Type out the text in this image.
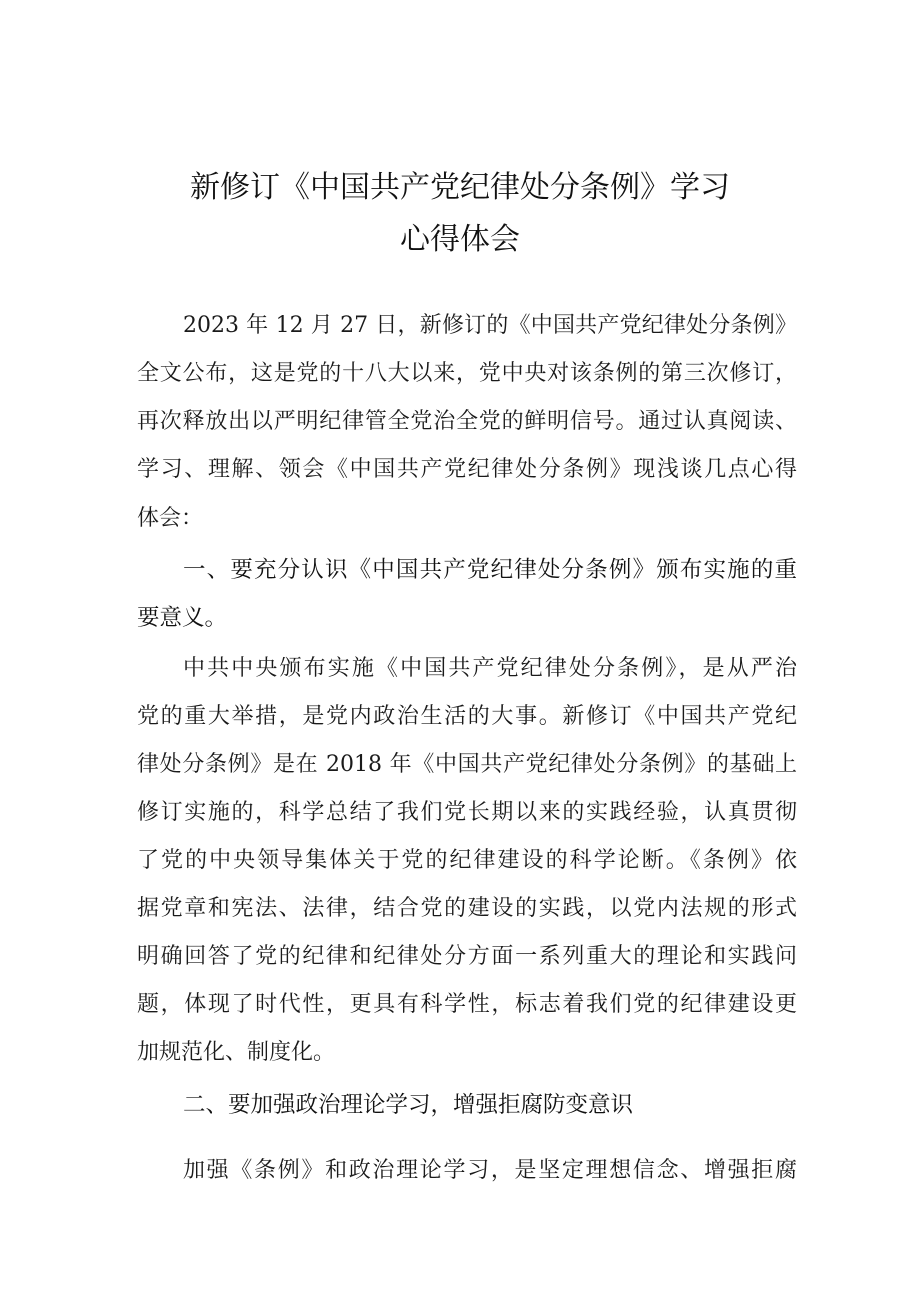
新修订《中国共产党纪律处分条例》学习
心得体会
2023 年 12 月 27 日，新修订的《中国共产党纪律处分条例》
全文公布，这是党的十八大以来，党中央对该条例的第三次修订，
再次释放出以严明纪律管全党治全党的鲜明信号。通过认真阅读、
学习、理解、领会《中国共产党纪律处分条例》现浅谈几点心得
体会：
一、要充分认识《中国共产党纪律处分条例》颁布实施的重
要意义。
中共中央颁布实施《中国共产党纪律处分条例》，是从严治
党的重大举措，是党内政治生活的大事。新修订《中国共产党纪
律处分条例》是在 2018 年《中国共产党纪律处分条例》的基础上
修订实施的，科学总结了我们党长期以来的实践经验，认真贯彻
了党的中央领导集体关于党的纪律建设的科学论断。《条例》依
据党章和宪法、法律，结合党的建设的实践，以党内法规的形式
明确回答了党的纪律和纪律处分方面一系列重大的理论和实践问
题，体现了时代性，更具有科学性，标志着我们党的纪律建设更
加规范化、制度化。
二、要加强政治理论学习，增强拒腐防变意识
加强《条例》和政治理论学习，是坚定理想信念、增强拒腐
